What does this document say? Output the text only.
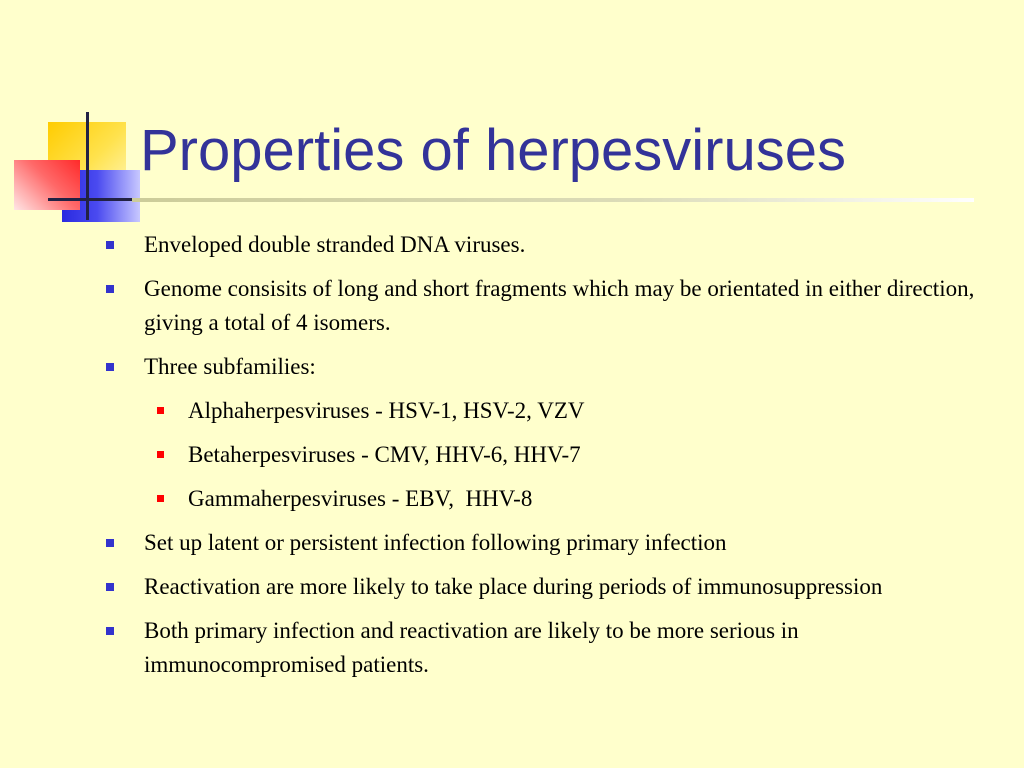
Properties of herpesviruses
Enveloped double stranded DNA viruses.
Genome consisits of long and short fragments which may be orientated in either direction, giving a total of 4 isomers.
Three subfamilies:
Alphaherpesviruses - HSV-1, HSV-2, VZV
Betaherpesviruses - CMV, HHV-6, HHV-7
Gammaherpesviruses - EBV,  HHV-8
Set up latent or persistent infection following primary infection
Reactivation are more likely to take place during periods of immunosuppression
Both primary infection and reactivation are likely to be more serious in immunocompromised patients.
